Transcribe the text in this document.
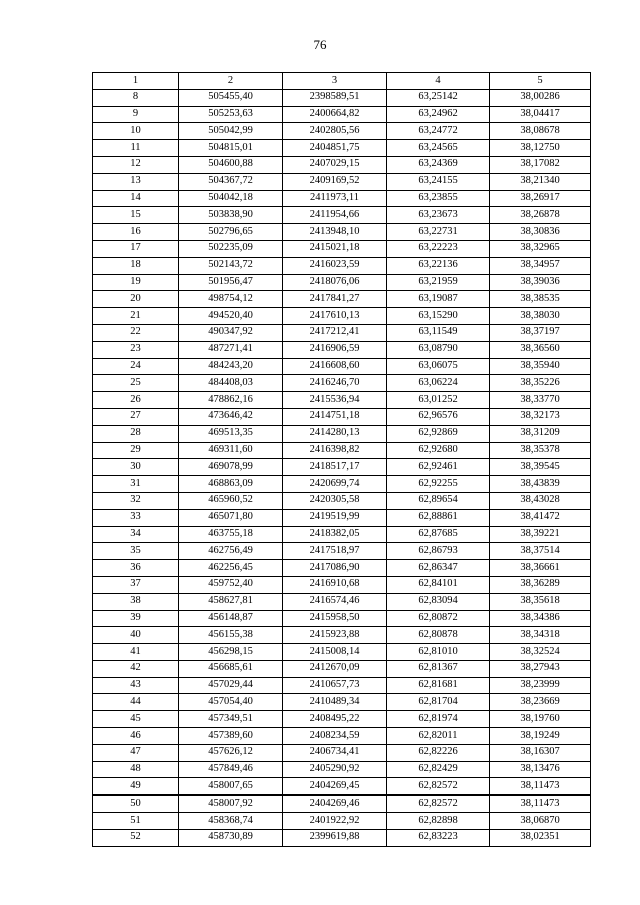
76
1	2	3	4	5
8	505455,40	2398589,51	63,25142	38,00286
9	505253,63	2400664,82	63,24962	38,04417
10	505042,99	2402805,56	63,24772	38,08678
11	504815,01	2404851,75	63,24565	38,12750
12	504600,88	2407029,15	63,24369	38,17082
13	504367,72	2409169,52	63,24155	38,21340
14	504042,18	2411973,11	63,23855	38,26917
15	503838,90	2411954,66	63,23673	38,26878
16	502796,65	2413948,10	63,22731	38,30836
17	502235,09	2415021,18	63,22223	38,32965
18	502143,72	2416023,59	63,22136	38,34957
19	501956,47	2418076,06	63,21959	38,39036
20	498754,12	2417841,27	63,19087	38,38535
21	494520,40	2417610,13	63,15290	38,38030
22	490347,92	2417212,41	63,11549	38,37197
23	487271,41	2416906,59	63,08790	38,36560
24	484243,20	2416608,60	63,06075	38,35940
25	484408,03	2416246,70	63,06224	38,35226
26	478862,16	2415536,94	63,01252	38,33770
27	473646,42	2414751,18	62,96576	38,32173
28	469513,35	2414280,13	62,92869	38,31209
29	469311,60	2416398,82	62,92680	38,35378
30	469078,99	2418517,17	62,92461	38,39545
31	468863,09	2420699,74	62,92255	38,43839
32	465960,52	2420305,58	62,89654	38,43028
33	465071,80	2419519,99	62,88861	38,41472
34	463755,18	2418382,05	62,87685	38,39221
35	462756,49	2417518,97	62,86793	38,37514
36	462256,45	2417086,90	62,86347	38,36661
37	459752,40	2416910,68	62,84101	38,36289
38	458627,81	2416574,46	62,83094	38,35618
39	456148,87	2415958,50	62,80872	38,34386
40	456155,38	2415923,88	62,80878	38,34318
41	456298,15	2415008,14	62,81010	38,32524
42	456685,61	2412670,09	62,81367	38,27943
43	457029,44	2410657,73	62,81681	38,23999
44	457054,40	2410489,34	62,81704	38,23669
45	457349,51	2408495,22	62,81974	38,19760
46	457389,60	2408234,59	62,82011	38,19249
47	457626,12	2406734,41	62,82226	38,16307
48	457849,46	2405290,92	62,82429	38,13476
49	458007,65	2404269,45	62,82572	38,11473
50	458007,92	2404269,46	62,82572	38,11473
51	458368,74	2401922,92	62,82898	38,06870
52	458730,89	2399619,88	62,83223	38,02351
